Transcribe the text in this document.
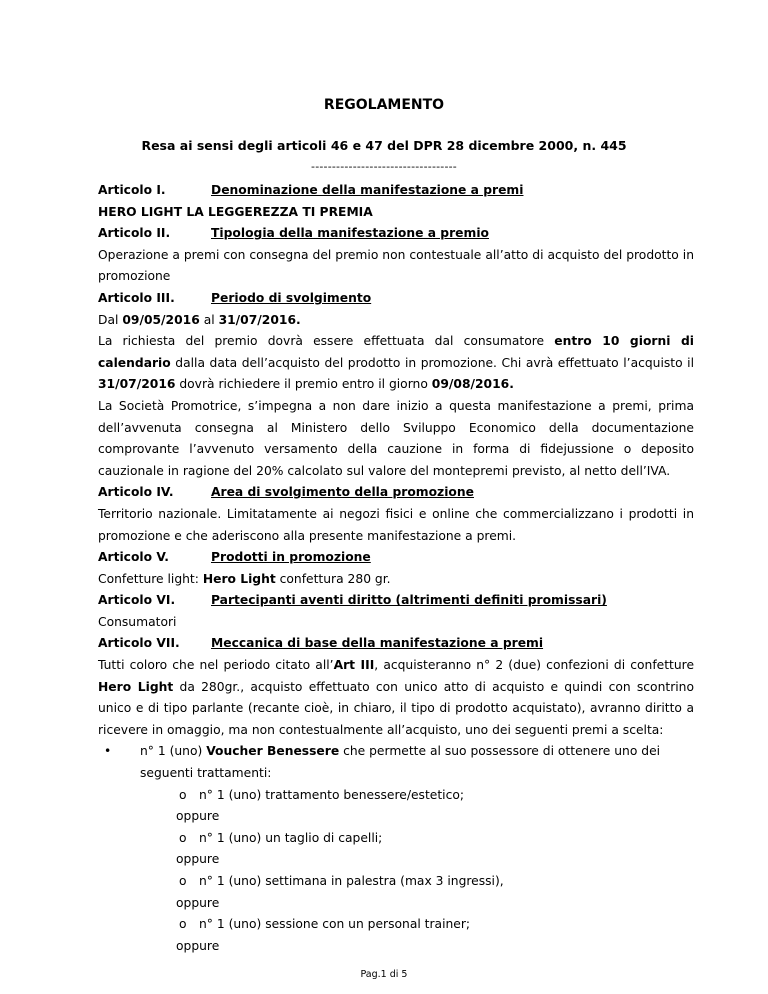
REGOLAMENTO
Resa ai sensi degli articoli 46 e 47 del DPR 28 dicembre 2000, n. 445
-----------------------------------

Articolo I.	Denominazione della manifestazione a premi

HERO LIGHT LA LEGGEREZZA TI PREMIA

Articolo II.	Tipologia della manifestazione a premio

Operazione a premi con consegna del premio non contestuale all’atto di acquisto del prodotto in promozione

Articolo III.	Periodo di svolgimento

Dal 09/05/2016 al 31/07/2016.

La richiesta del premio dovrà essere effettuata dal consumatore entro 10 giorni di calendario dalla data dell’acquisto del prodotto in promozione. Chi avrà effettuato l’acquisto il 31/07/2016 dovrà richiedere il premio entro il giorno 09/08/2016.

La Società Promotrice, s’impegna a non dare inizio a questa manifestazione a premi, prima dell’avvenuta consegna al Ministero dello Sviluppo Economico della documentazione comprovante l’avvenuto versamento della cauzione in forma di fidejussione o deposito cauzionale in ragione del 20% calcolato sul valore del montepremi previsto, al netto dell’IVA.

Articolo IV.	Area di svolgimento della promozione

Territorio nazionale. Limitatamente ai negozi fisici e online che commercializzano i prodotti in promozione e che aderiscono alla presente manifestazione a premi.

Articolo V.	Prodotti in promozione

Confetture light: Hero Light confettura 280 gr.

Articolo VI.	Partecipanti aventi diritto (altrimenti definiti promissari)

Consumatori

Articolo VII.	Meccanica di base della manifestazione a premi

Tutti coloro che nel periodo citato all’Art III, acquisteranno n° 2 (due) confezioni di confetture Hero Light da 280gr., acquisto effettuato con unico atto di acquisto e quindi con scontrino unico e di tipo parlante (recante cioè, in chiaro, il tipo di prodotto acquistato), avranno diritto a ricevere in omaggio, ma non contestualmente all’acquisto, uno dei seguenti premi a scelta:

• n° 1 (uno) Voucher Benessere che permette al suo possessore di ottenere uno dei seguenti trattamenti:

o n° 1 (uno) trattamento benessere/estetico;

oppure

o n° 1 (uno) un taglio di capelli;

oppure

o n° 1 (uno) settimana in palestra (max 3 ingressi),

oppure

o n° 1 (uno) sessione con un personal trainer;

oppure

Pag.1 di 5
